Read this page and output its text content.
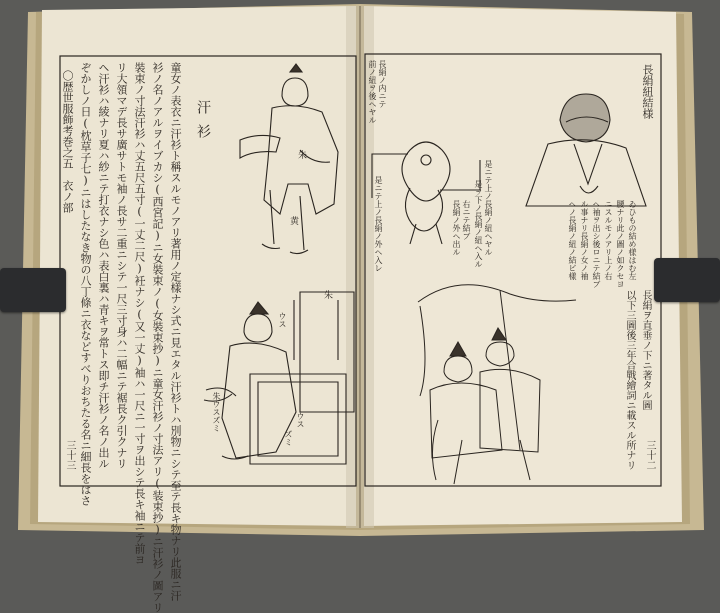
〇歴世服飾考巻之五　衣ノ部 ぞかしノ日(枕草子七)ニはしたなき物の八丁條ニ衣などすべりおちたる名ニ細長をはさ ヘ汗衫ハ綾ナリ夏ハ紗ニテ打衣ナシ色ハ表白裏ハ青キヲ常トス即チ汗衫ノ名ノ出ル リ大領マデ長サ廣サトモ袖ノ長サ二重ニシテ一尺三寸身ハ二幅ニテ裾長ク引クナリ 裝束ノ寸法汗衫ハ丈五尺五寸(一丈二尺)衽ナシ(又一丈)袖ハ一尺ニ一寸ヲ出シテ長キ袖ニテ前ヨ 衫ノ名ノアルヲイブカシ(西宮記)ニ女裝束ノ(女裝束抄)ニ童女汗衫ノ寸法アリ(装束抄)ニ汗衫ノ圖アリ 童女ノ表衣ニ汗衫ト稱スルモノアリ著用ノ定樣ナシ式ニ見エタル汗衫トハ別物ニシテ至テ長キ物ナリ此服ニ汗 汗衫
朱
黄
朱
ウス
ウス
ズミ
朱ウスズミ
三十三
長絹紐結様
ゐひもの結め様はむ左
腰ナリ此ノ圖ノ如クセヨ
ニスルモノアリ上ノ右
ヘ袖ヲ出シ後ロニテ結ブ
ル事ナリ長絹ノ女ノ袖
ヘノ長絹ノ紐ノ結ビ樣
長絹ノ内ニテ
前ノ紐ヲ後ヘヤル
是ニテ上ノ長絹ノ紐ヘヤル
是ヲ下ノ長絹ノ紐ヘ入ル
右ニテ結ブ
長絹ノ外ヘ出ル
是ニテ上ノ長絹ノ外ヘ入レ
長絹ヲ直垂ノ下ニ著タル圖
以下三圖後三年合戰繪詞ニ載スル所ナリ 三十二
